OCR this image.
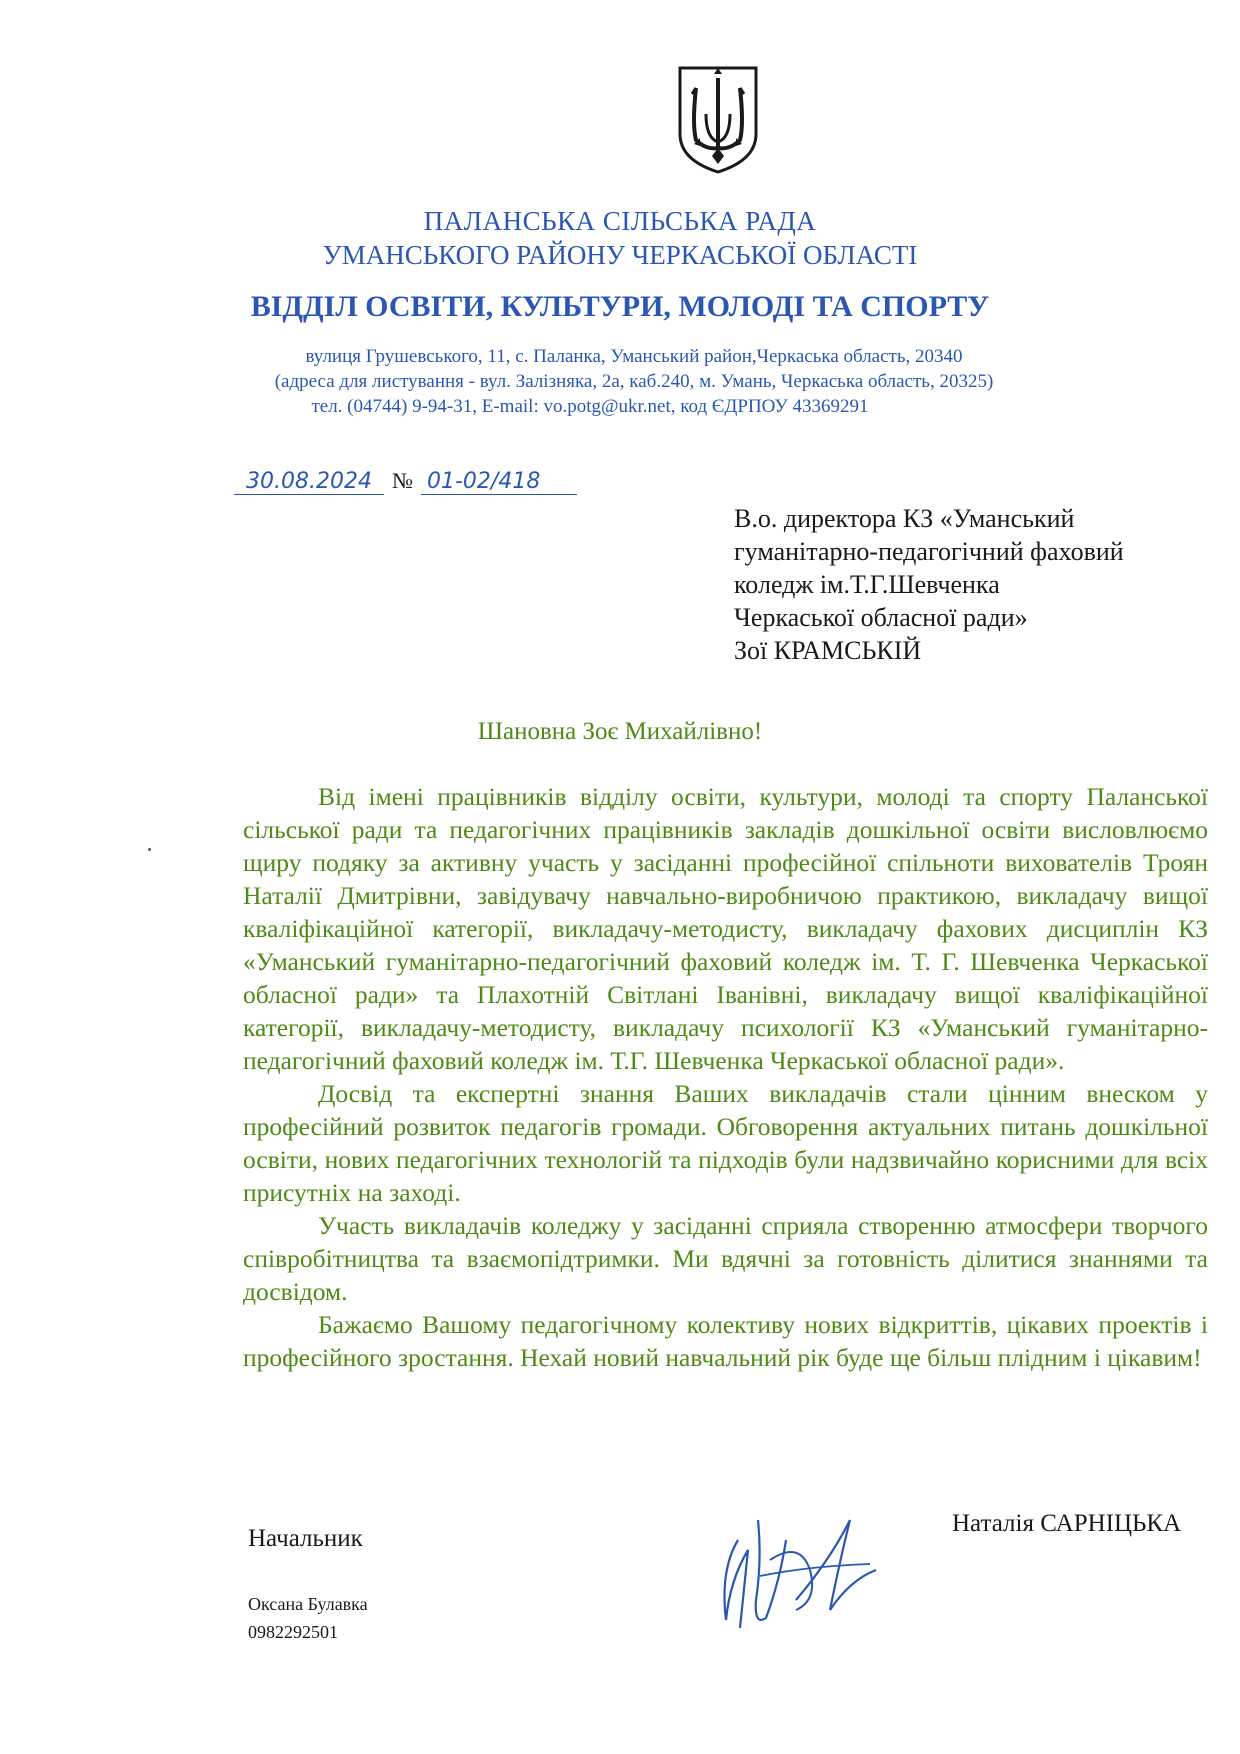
ПАЛАНСЬКА СІЛЬСЬКА РАДА
УМАНСЬКОГО РАЙОНУ ЧЕРКАСЬКОЇ ОБЛАСТІ
ВІДДІЛ ОСВІТИ, КУЛЬТУРИ, МОЛОДІ ТА СПОРТУ
вулиця Грушевського, 11, с. Паланка, Уманський район,Черкаська область, 20340
(адреса для листування - вул. Залізняка, 2а, каб.240, м. Умань, Черкаська область, 20325)
тел. (04744) 9-94-31, E-mail: vo.potg@ukr.net, код ЄДРПОУ 43369291
30.08.2024 № 01-02/418
В.о. директора КЗ «Уманський
гуманітарно-педагогічний фаховий
коледж ім.Т.Г.Шевченка
Черкаської обласної ради»
Зої КРАМСЬКІЙ
Шановна Зоє Михайлівно!

Від імені працівників відділу освіти, культури, молоді та спорту Паланської сільської ради та педагогічних працівників закладів дошкільної освіти висловлюємо щиру подяку за активну участь у засіданні професійної спільноти вихователів Троян Наталії Дмитрівни, завідувачу навчально-виробничою практикою, викладачу вищої кваліфікаційної категорії, викладачу-методисту, викладачу фахових дисциплін КЗ «Уманський гуманітарно-педагогічний фаховий коледж ім. Т. Г. Шевченка Черкаської обласної ради» та Плахотній Світлані Іванівні, викладачу вищої кваліфікаційної категорії, викладачу-методисту, викладачу психології КЗ «Уманський гуманітарно-педагогічний фаховий коледж ім. Т.Г. Шевченка Черкаської обласної ради».

Досвід та експертні знання Ваших викладачів стали цінним внеском у професійний розвиток педагогів громади. Обговорення актуальних питань дошкільної освіти, нових педагогічних технологій та підходів були надзвичайно корисними для всіх присутніх на заході.

Участь викладачів коледжу у засіданні сприяла створенню атмосфери творчого співробітництва та взаємопідтримки. Ми вдячні за готовність ділитися знаннями та досвідом.

Бажаємо Вашому педагогічному колективу нових відкриттів, цікавих проектів і професійного зростання. Нехай новий навчальний рік буде ще більш плідним і цікавим!

Начальник
Наталія САРНІЦЬКА
Оксана Булавка
0982292501
